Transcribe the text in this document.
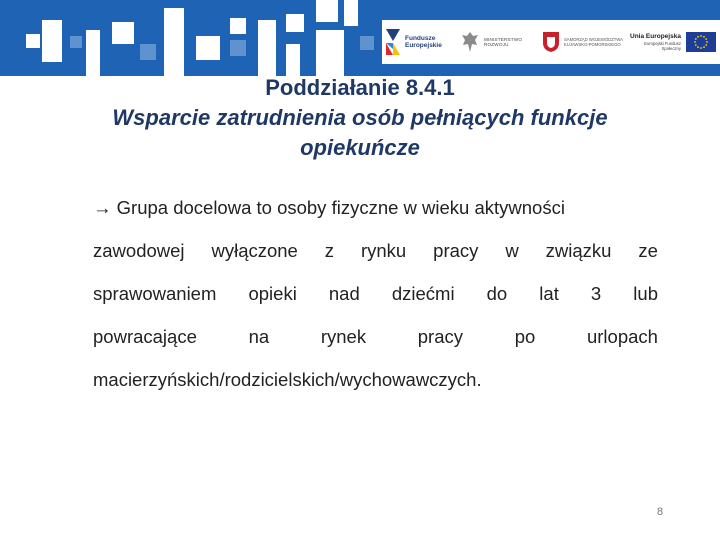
Fundusze
Europejskie
MINISTERSTWO
ROZWOJU
SAMORZĄD WOJEWÓDZTWA
KUJAWSKO-POMORSKIEGO
Unia Europejska
Europejski Fundusz
Społeczny
Poddziałanie 8.4.1
Wsparcie zatrudnienia osób pełniących funkcje opiekuńcze
→ Grupa docelowa to osoby fizyczne w wieku aktywności
zawodowej wyłączone z rynku pracy w związku ze
sprawowaniem opieki nad dziećmi do lat 3 lub
powracające	na	rynek	pracy	po	urlopach
macierzyńskich/rodzicielskich/wychowawczych.
8
